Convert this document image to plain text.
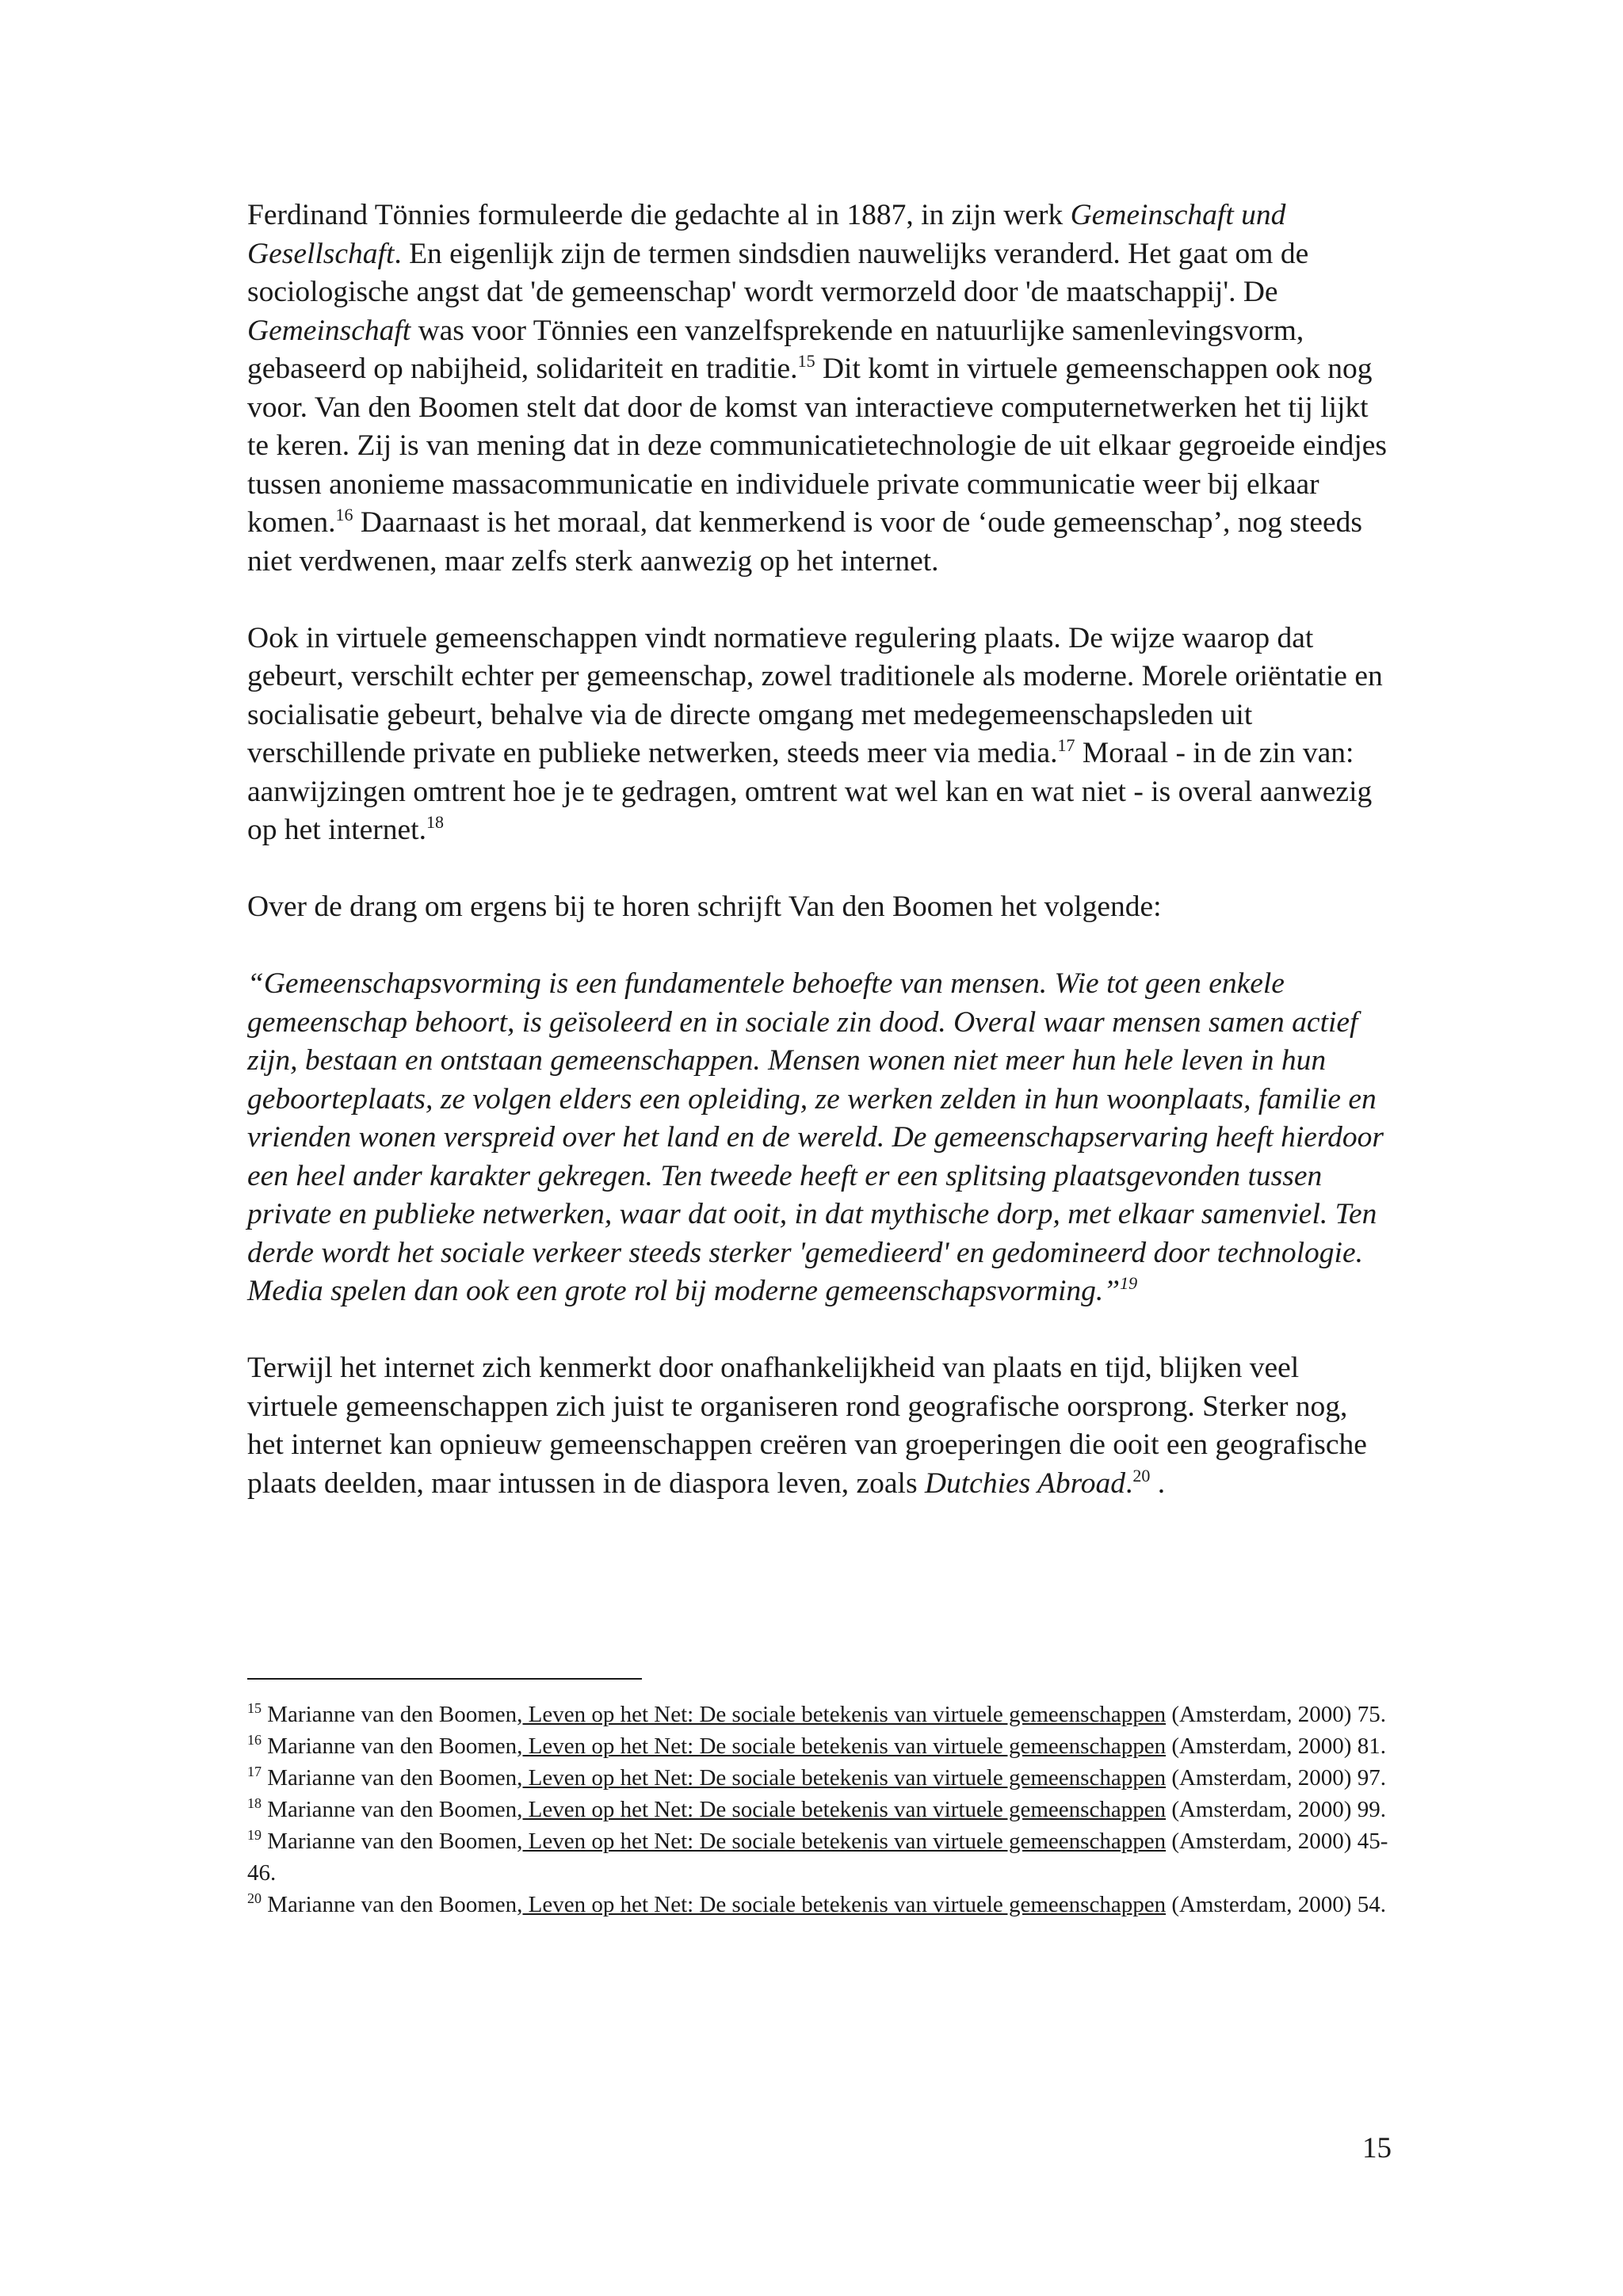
Ferdinand Tönnies formuleerde die gedachte al in 1887, in zijn werk Gemeinschaft und Gesellschaft. En eigenlijk zijn de termen sindsdien nauwelijks veranderd. Het gaat om de sociologische angst dat 'de gemeenschap' wordt vermorzeld door 'de maatschappij'. De Gemeinschaft was voor Tönnies een vanzelfsprekende en natuurlijke samenlevingsvorm, gebaseerd op nabijheid, solidariteit en traditie.$^{15}$ Dit komt in virtuele gemeenschappen ook nog voor. Van den Boomen stelt dat door de komst van interactieve computernetwerken het tij lijkt te keren. Zij is van mening dat in deze communicatietechnologie de uit elkaar gegroeide eindjes tussen anonieme massacommunicatie en individuele private communicatie weer bij elkaar komen.$^{16}$ Daarnaast is het moraal, dat kenmerkend is voor de ‘oude gemeenschap’, nog steeds niet verdwenen, maar zelfs sterk aanwezig op het internet.

Ook in virtuele gemeenschappen vindt normatieve regulering plaats. De wijze waarop dat gebeurt, verschilt echter per gemeenschap, zowel traditionele als moderne. Morele oriëntatie en socialisatie gebeurt, behalve via de directe omgang met medegemeenschapsleden uit verschillende private en publieke netwerken, steeds meer via media.$^{17}$ Moraal - in de zin van: aanwijzingen omtrent hoe je te gedragen, omtrent wat wel kan en wat niet - is overal aanwezig op het internet.$^{18}$

Over de drang om ergens bij te horen schrijft Van den Boomen het volgende:

“Gemeenschapsvorming is een fundamentele behoefte van mensen. Wie tot geen enkele gemeenschap behoort, is geïsoleerd en in sociale zin dood. Overal waar mensen samen actief zijn, bestaan en ontstaan gemeenschappen. Mensen wonen niet meer hun hele leven in hun geboorteplaats, ze volgen elders een opleiding, ze werken zelden in hun woonplaats, familie en vrienden wonen verspreid over het land en de wereld. De gemeenschapservaring heeft hierdoor een heel ander karakter gekregen. Ten tweede heeft er een splitsing plaatsgevonden tussen private en publieke netwerken, waar dat ooit, in dat mythische dorp, met elkaar samenviel. Ten derde wordt het sociale verkeer steeds sterker 'gemedieerd' en gedomineerd door technologie. Media spelen dan ook een grote rol bij moderne gemeenschapsvorming.”$^{19}$

Terwijl het internet zich kenmerkt door onafhankelijkheid van plaats en tijd, blijken veel virtuele gemeenschappen zich juist te organiseren rond geografische oorsprong. Sterker nog, het internet kan opnieuw gemeenschappen creëren van groeperingen die ooit een geografische plaats deelden, maar intussen in de diaspora leven, zoals Dutchies Abroad.$^{20}$ .

$^{15}$ Marianne van den Boomen, Leven op het Net: De sociale betekenis van virtuele gemeenschappen (Amsterdam, 2000) 75.

$^{16}$ Marianne van den Boomen, Leven op het Net: De sociale betekenis van virtuele gemeenschappen (Amsterdam, 2000) 81.

$^{17}$ Marianne van den Boomen, Leven op het Net: De sociale betekenis van virtuele gemeenschappen (Amsterdam, 2000) 97.

$^{18}$ Marianne van den Boomen, Leven op het Net: De sociale betekenis van virtuele gemeenschappen (Amsterdam, 2000) 99.

$^{19}$ Marianne van den Boomen, Leven op het Net: De sociale betekenis van virtuele gemeenschappen (Amsterdam, 2000) 45-46.

$^{20}$ Marianne van den Boomen, Leven op het Net: De sociale betekenis van virtuele gemeenschappen (Amsterdam, 2000) 54.

15
